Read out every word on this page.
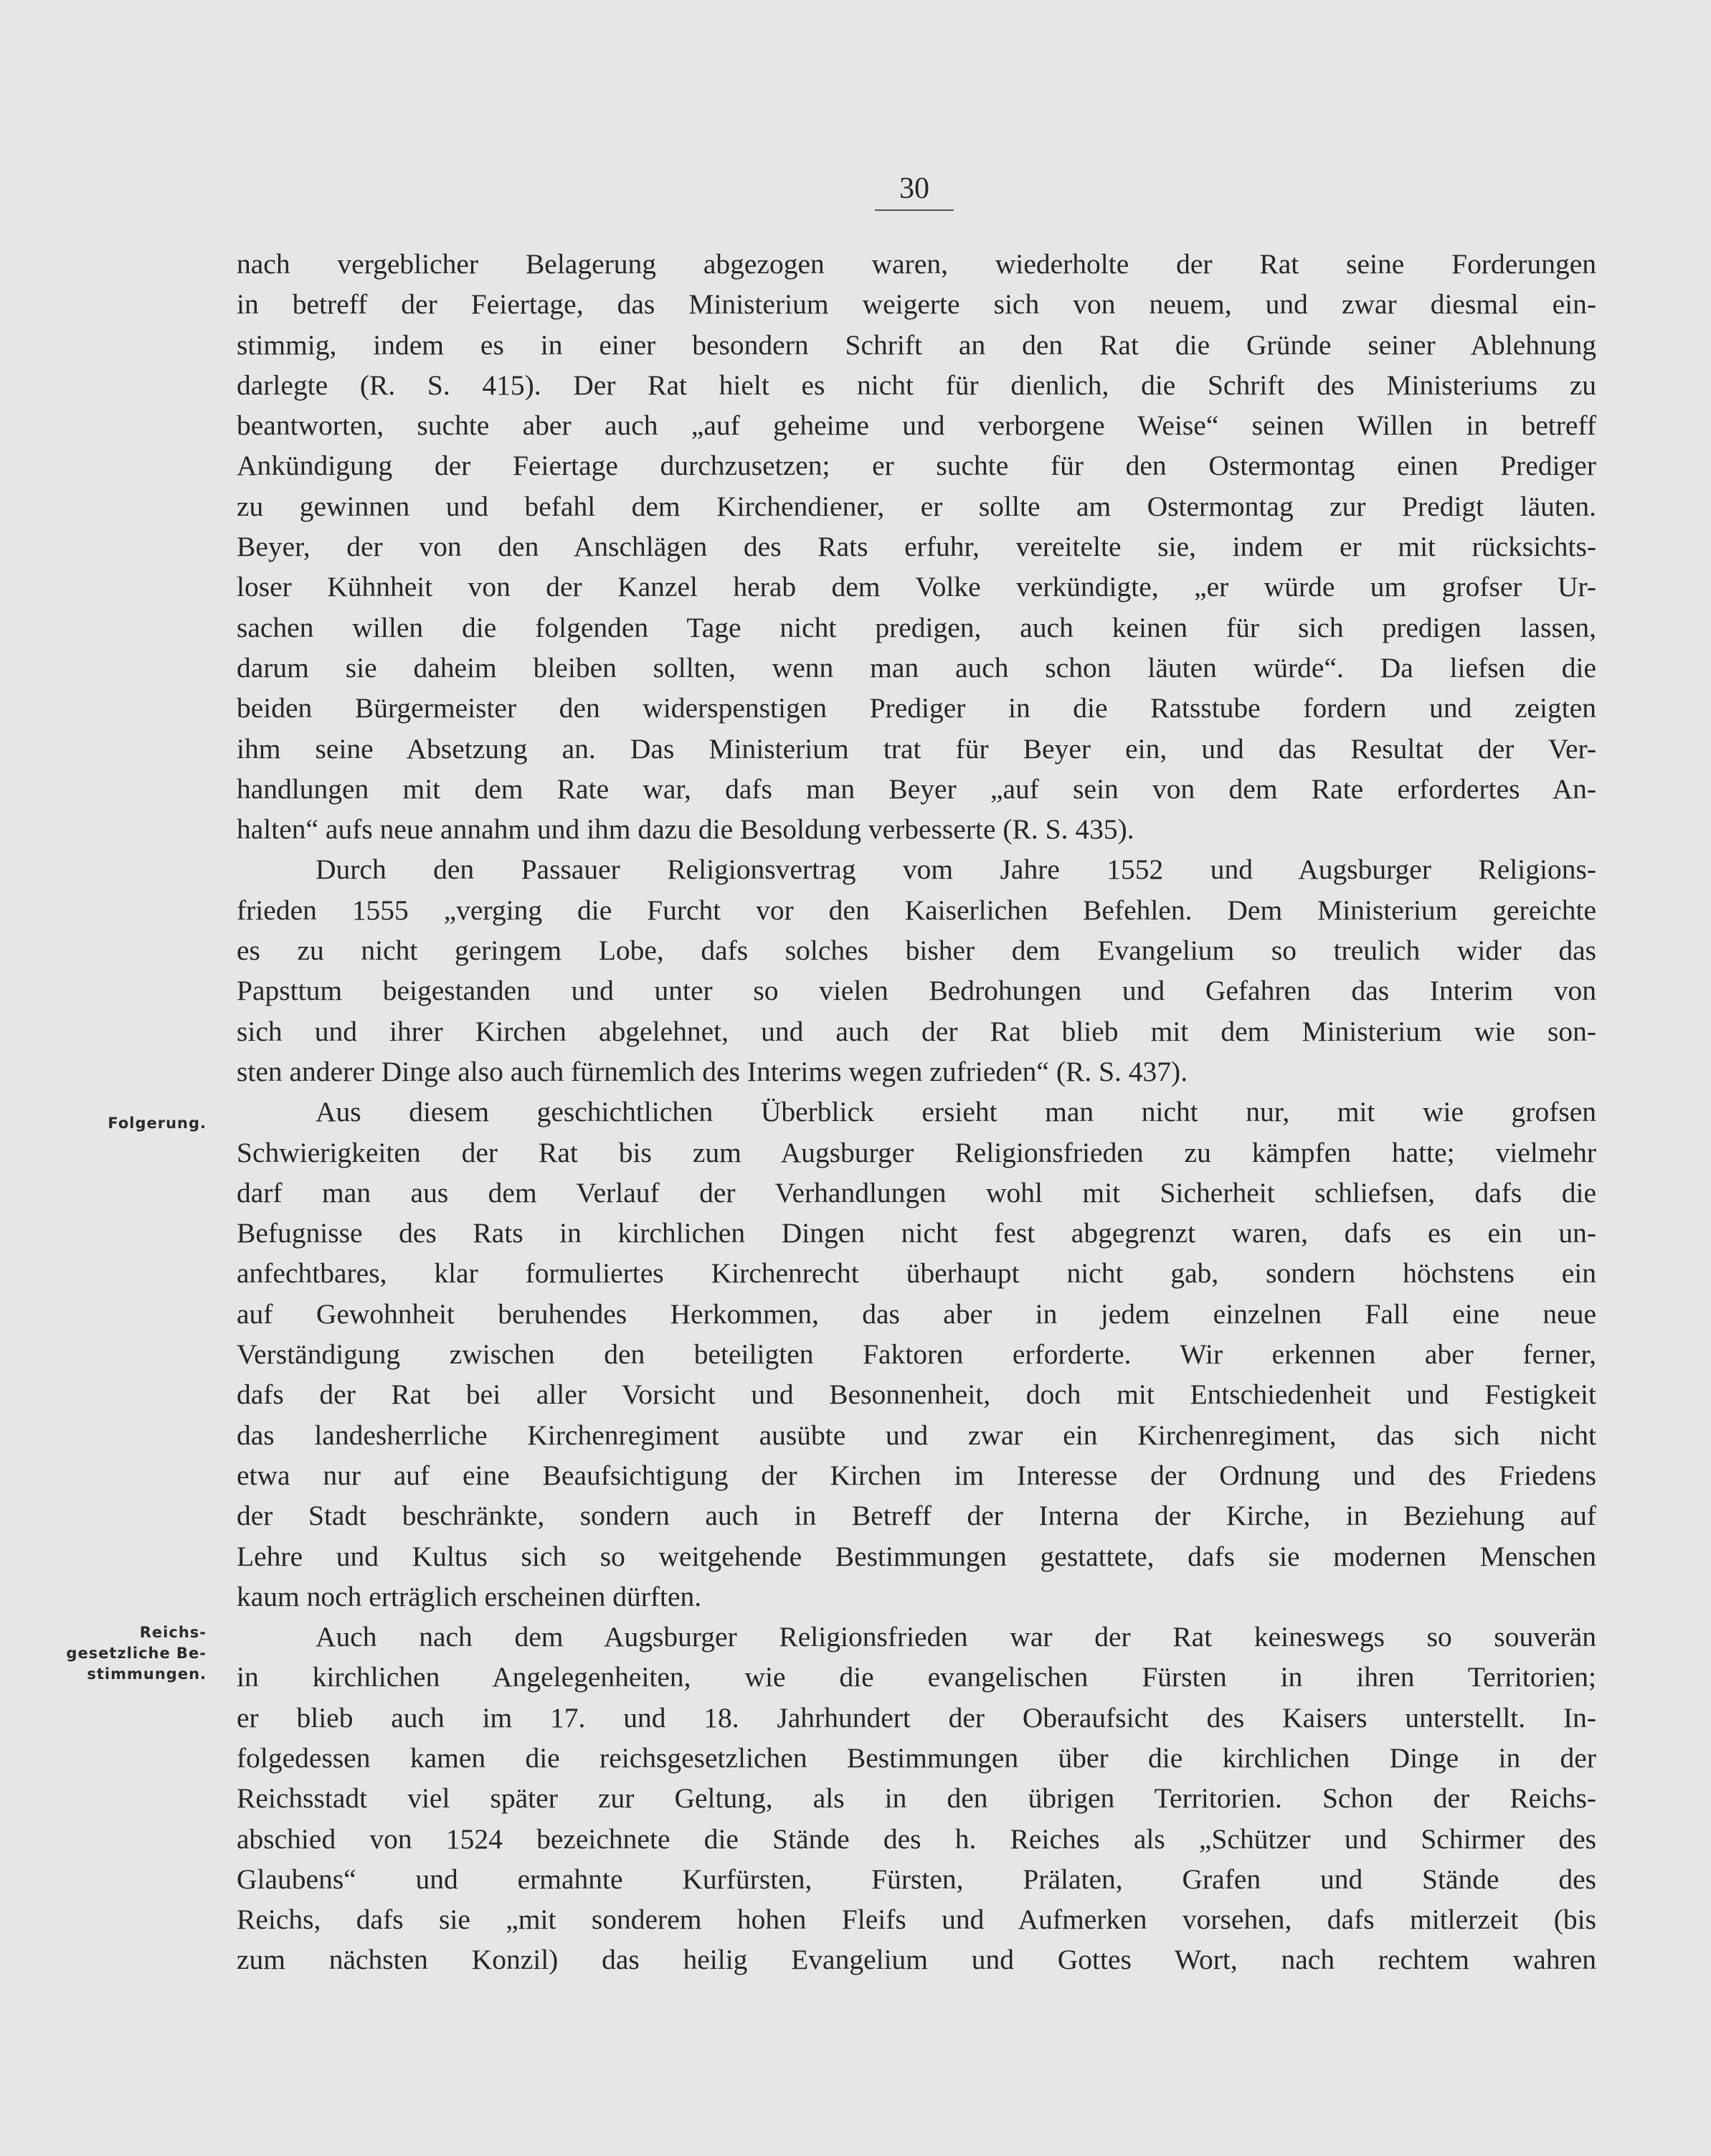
30
Folgerung.
Reichs-
gesetzliche Be-
stimmungen.
nach vergeblicher Belagerung abgezogen waren, wiederholte der Rat seine Forderungen
in betreff der Feiertage, das Ministerium weigerte sich von neuem, und zwar diesmal ein-
stimmig, indem es in einer besondern Schrift an den Rat die Gründe seiner Ablehnung
darlegte (R. S. 415). Der Rat hielt es nicht für dienlich, die Schrift des Ministeriums zu
beantworten, suchte aber auch „auf geheime und verborgene Weise“ seinen Willen in betreff
Ankündigung der Feiertage durchzusetzen; er suchte für den Ostermontag einen Prediger
zu gewinnen und befahl dem Kirchendiener, er sollte am Ostermontag zur Predigt läuten.
Beyer, der von den Anschlägen des Rats erfuhr, vereitelte sie, indem er mit rücksichts-
loser Kühnheit von der Kanzel herab dem Volke verkündigte, „er würde um grofser Ur-
sachen willen die folgenden Tage nicht predigen, auch keinen für sich predigen lassen,
darum sie daheim bleiben sollten, wenn man auch schon läuten würde“. Da liefsen die
beiden Bürgermeister den widerspenstigen Prediger in die Ratsstube fordern und zeigten
ihm seine Absetzung an. Das Ministerium trat für Beyer ein, und das Resultat der Ver-
handlungen mit dem Rate war, dafs man Beyer „auf sein von dem Rate erfordertes An-
halten“ aufs neue annahm und ihm dazu die Besoldung verbesserte (R. S. 435).
Durch den Passauer Religionsvertrag vom Jahre 1552 und Augsburger Religions-
frieden 1555 „verging die Furcht vor den Kaiserlichen Befehlen. Dem Ministerium gereichte
es zu nicht geringem Lobe, dafs solches bisher dem Evangelium so treulich wider das
Papsttum beigestanden und unter so vielen Bedrohungen und Gefahren das Interim von
sich und ihrer Kirchen abgelehnet, und auch der Rat blieb mit dem Ministerium wie son-
sten anderer Dinge also auch fürnemlich des Interims wegen zufrieden“ (R. S. 437).
Aus diesem geschichtlichen Überblick ersieht man nicht nur, mit wie grofsen
Schwierigkeiten der Rat bis zum Augsburger Religionsfrieden zu kämpfen hatte; vielmehr
darf man aus dem Verlauf der Verhandlungen wohl mit Sicherheit schliefsen, dafs die
Befugnisse des Rats in kirchlichen Dingen nicht fest abgegrenzt waren, dafs es ein un-
anfechtbares, klar formuliertes Kirchenrecht überhaupt nicht gab, sondern höchstens ein
auf Gewohnheit beruhendes Herkommen, das aber in jedem einzelnen Fall eine neue
Verständigung zwischen den beteiligten Faktoren erforderte. Wir erkennen aber ferner,
dafs der Rat bei aller Vorsicht und Besonnenheit, doch mit Entschiedenheit und Festigkeit
das landesherrliche Kirchenregiment ausübte und zwar ein Kirchenregiment, das sich nicht
etwa nur auf eine Beaufsichtigung der Kirchen im Interesse der Ordnung und des Friedens
der Stadt beschränkte, sondern auch in Betreff der Interna der Kirche, in Beziehung auf
Lehre und Kultus sich so weitgehende Bestimmungen gestattete, dafs sie modernen Menschen
kaum noch erträglich erscheinen dürften.
Auch nach dem Augsburger Religionsfrieden war der Rat keineswegs so souverän
in kirchlichen Angelegenheiten, wie die evangelischen Fürsten in ihren Territorien;
er blieb auch im 17. und 18. Jahrhundert der Oberaufsicht des Kaisers unterstellt. In-
folgedessen kamen die reichsgesetzlichen Bestimmungen über die kirchlichen Dinge in der
Reichsstadt viel später zur Geltung, als in den übrigen Territorien. Schon der Reichs-
abschied von 1524 bezeichnete die Stände des h. Reiches als „Schützer und Schirmer des
Glaubens“ und ermahnte Kurfürsten, Fürsten, Prälaten, Grafen und Stände des
Reichs, dafs sie „mit sonderem hohen Fleifs und Aufmerken vorsehen, dafs mitlerzeit (bis
zum nächsten Konzil) das heilig Evangelium und Gottes Wort, nach rechtem wahren
